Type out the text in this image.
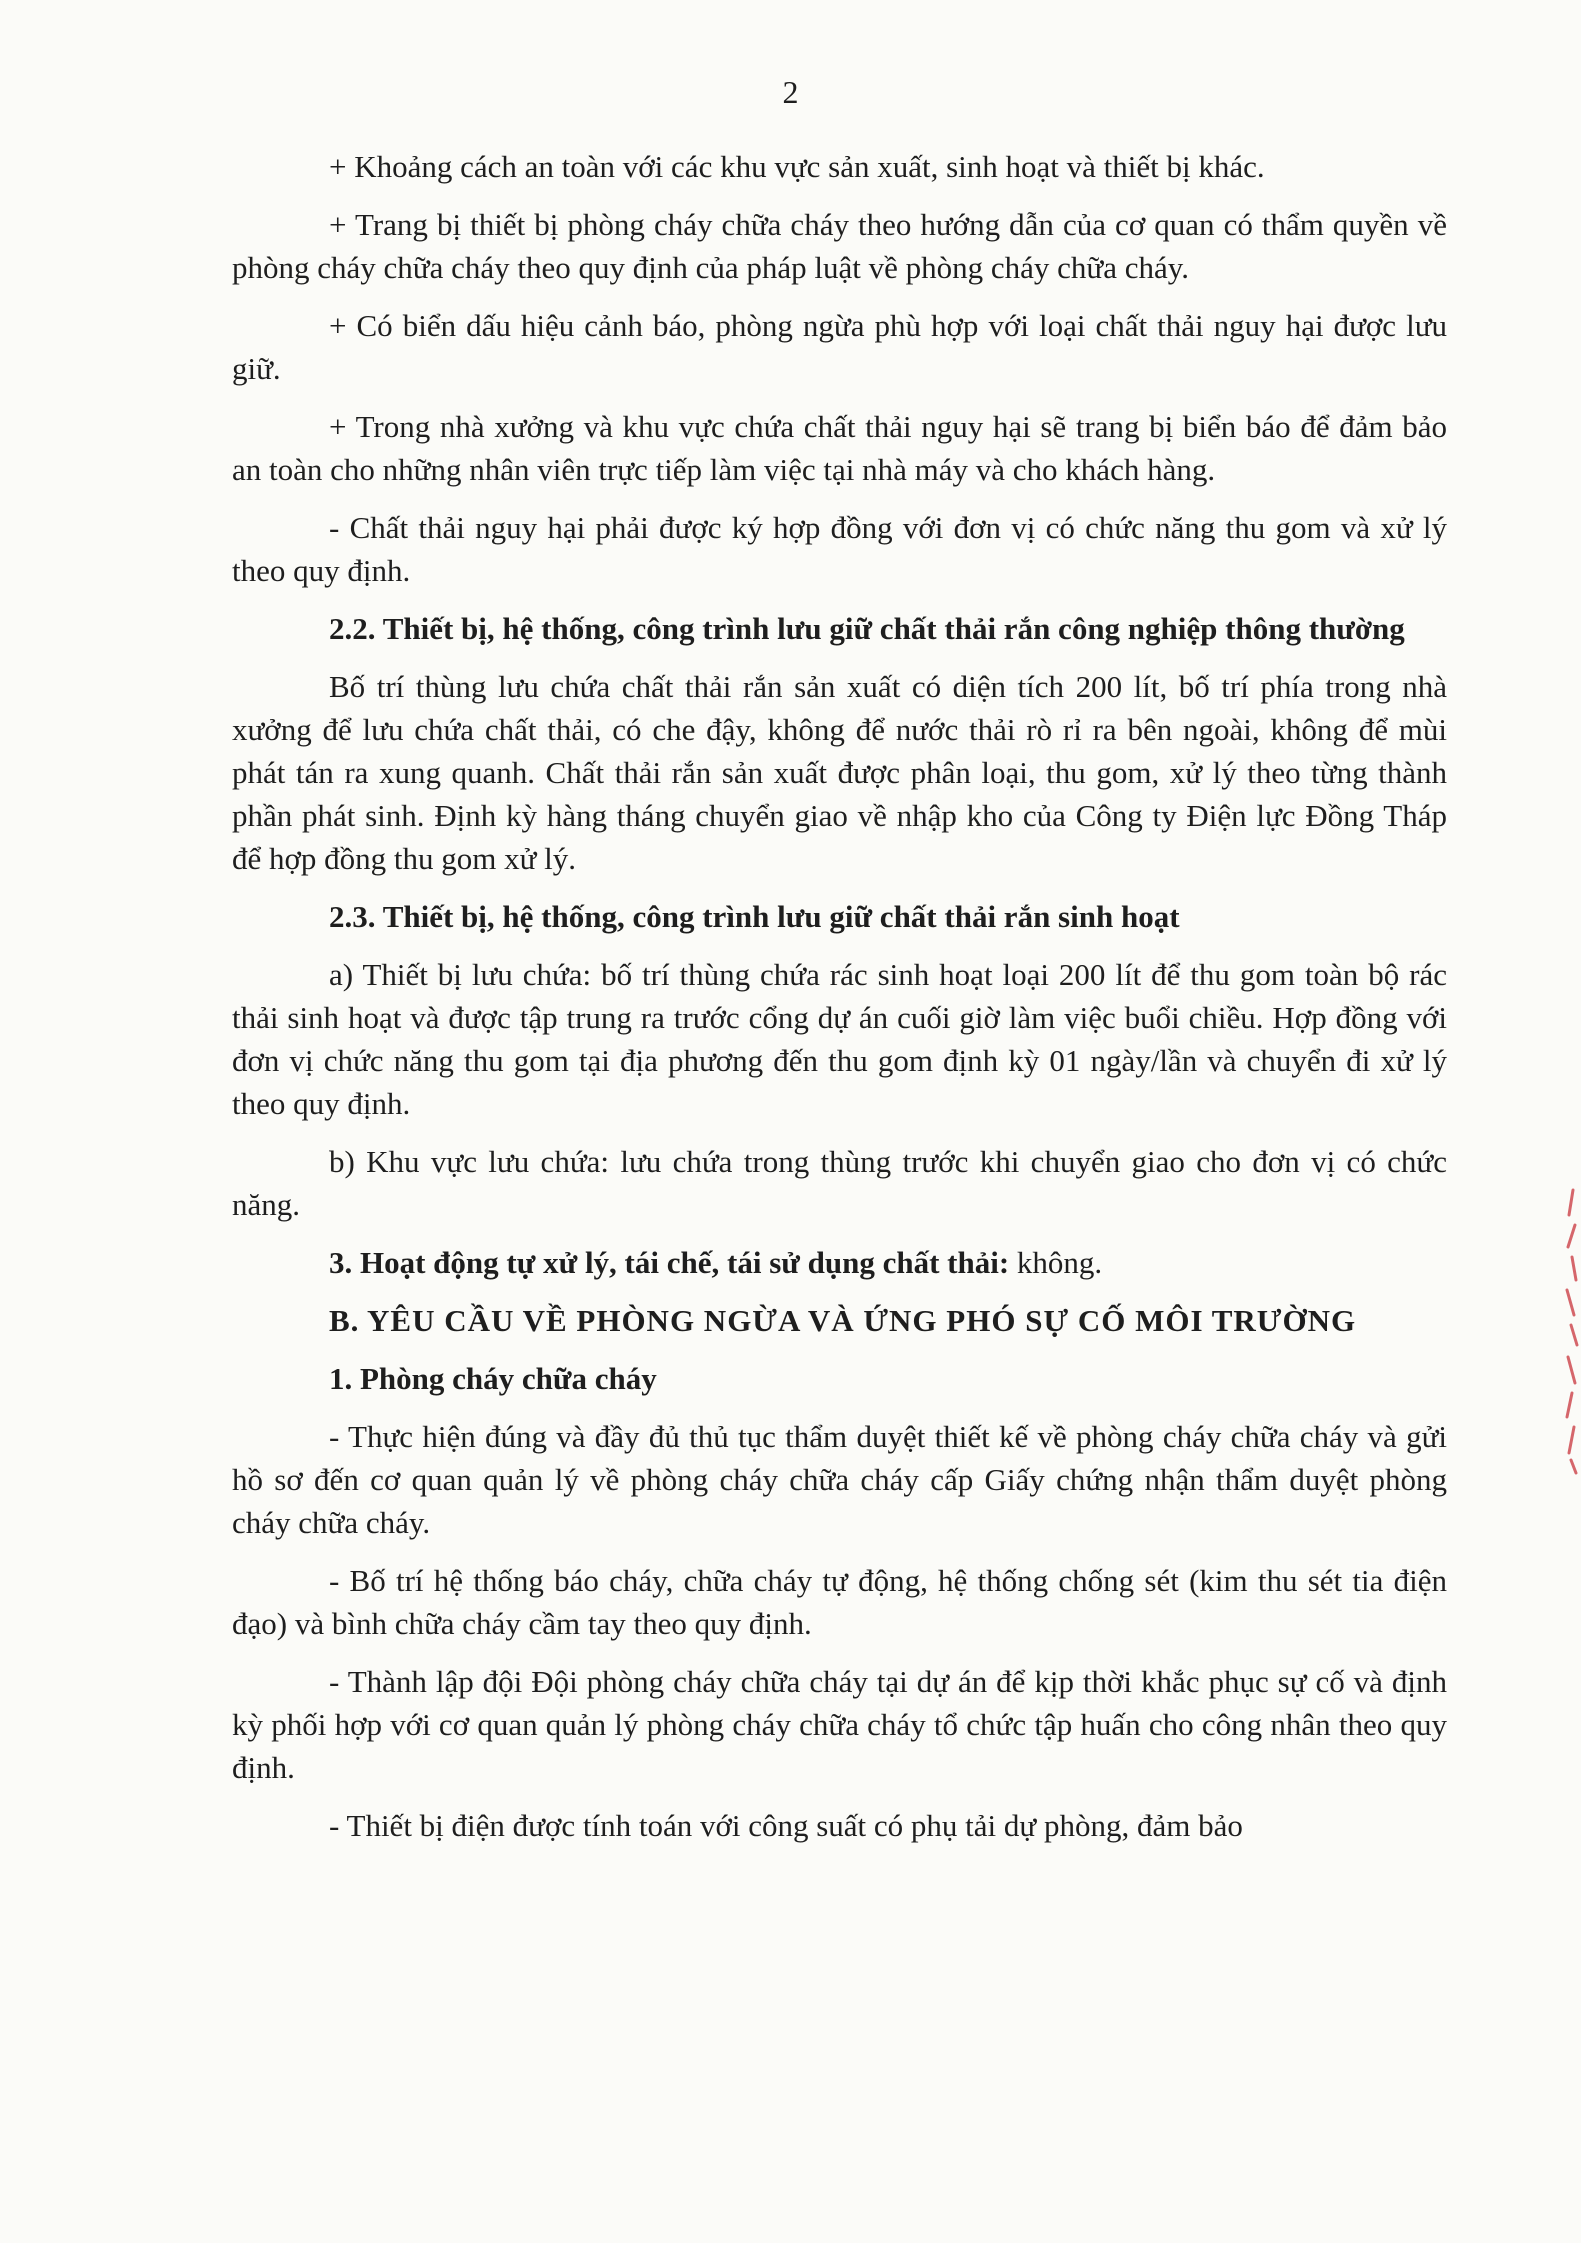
2

+ Khoảng cách an toàn với các khu vực sản xuất, sinh hoạt và thiết bị khác.

+ Trang bị thiết bị phòng cháy chữa cháy theo hướng dẫn của cơ quan có thẩm quyền về phòng cháy chữa cháy theo quy định của pháp luật về phòng cháy chữa cháy.

+ Có biển dấu hiệu cảnh báo, phòng ngừa phù hợp với loại chất thải nguy hại được lưu giữ.

+ Trong nhà xưởng và khu vực chứa chất thải nguy hại sẽ trang bị biển báo để đảm bảo an toàn cho những nhân viên trực tiếp làm việc tại nhà máy và cho khách hàng.

- Chất thải nguy hại phải được ký hợp đồng với đơn vị có chức năng thu gom và xử lý theo quy định.

2.2. Thiết bị, hệ thống, công trình lưu giữ chất thải rắn công nghiệp thông thường

Bố trí thùng lưu chứa chất thải rắn sản xuất có diện tích 200 lít, bố trí phía trong nhà xưởng để lưu chứa chất thải, có che đậy, không để nước thải rò rỉ ra bên ngoài, không để mùi phát tán ra xung quanh. Chất thải rắn sản xuất được phân loại, thu gom, xử lý theo từng thành phần phát sinh. Định kỳ hàng tháng chuyển giao về nhập kho của Công ty Điện lực Đồng Tháp để hợp đồng thu gom xử lý.

2.3. Thiết bị, hệ thống, công trình lưu giữ chất thải rắn sinh hoạt

a) Thiết bị lưu chứa: bố trí thùng chứa rác sinh hoạt loại 200 lít để thu gom toàn bộ rác thải sinh hoạt và được tập trung ra trước cổng dự án cuối giờ làm việc buổi chiều. Hợp đồng với đơn vị chức năng thu gom tại địa phương đến thu gom định kỳ 01 ngày/lần và chuyển đi xử lý theo quy định.

b) Khu vực lưu chứa: lưu chứa trong thùng trước khi chuyển giao cho đơn vị có chức năng.

3. Hoạt động tự xử lý, tái chế, tái sử dụng chất thải: không.

B. YÊU CẦU VỀ PHÒNG NGỪA VÀ ỨNG PHÓ SỰ CỐ MÔI TRƯỜNG

1. Phòng cháy chữa cháy

- Thực hiện đúng và đầy đủ thủ tục thẩm duyệt thiết kế về phòng cháy chữa cháy và gửi hồ sơ đến cơ quan quản lý về phòng cháy chữa cháy cấp Giấy chứng nhận thẩm duyệt phòng cháy chữa cháy.

- Bố trí hệ thống báo cháy, chữa cháy tự động, hệ thống chống sét (kim thu sét tia điện đạo) và bình chữa cháy cầm tay theo quy định.

- Thành lập đội Đội phòng cháy chữa cháy tại dự án để kịp thời khắc phục sự cố và định kỳ phối hợp với cơ quan quản lý phòng cháy chữa cháy tổ chức tập huấn cho công nhân theo quy định.

- Thiết bị điện được tính toán với công suất có phụ tải dự phòng, đảm bảo
